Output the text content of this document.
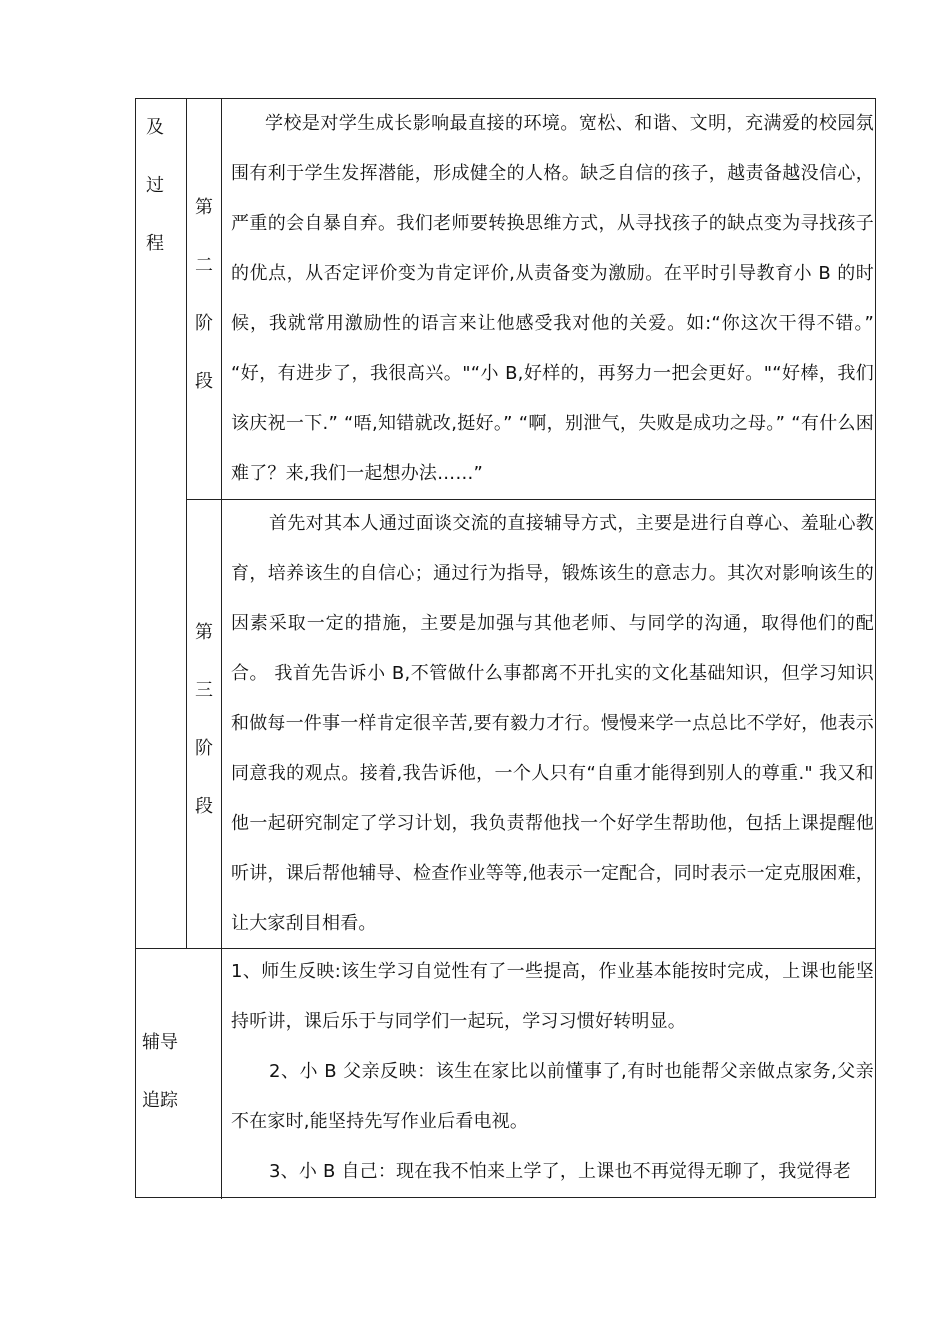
及
过
程
第
二
阶
段

学校是对学生成长影响最直接的环境。宽松、和谐、文明，充满爱的校园氛围有利于学生发挥潜能，形成健全的人格。缺乏自信的孩子，越责备越没信心，严重的会自暴自弃。我们老师要转换思维方式，从寻找孩子的缺点变为寻找孩子的优点，从否定评价变为肯定评价,从责备变为激励。在平时引导教育小 B 的时候，我就常用激励性的语言来让他感受我对他的关爱。如:“你这次干得不错。” “好，有进步了，我很高兴。"“小 B,好样的，再努力一把会更好。"“好棒，我们该庆祝一下.” “唔,知错就改,挺好。” “啊，别泄气，失败是成功之母。” “有什么困难了？来,我们一起想办法……”

第
三
阶
段

首先对其本人通过面谈交流的直接辅导方式，主要是进行自尊心、羞耻心教育，培养该生的自信心；通过行为指导，锻炼该生的意志力。其次对影响该生的因素采取一定的措施，主要是加强与其他老师、与同学的沟通，取得他们的配合。 我首先告诉小 B,不管做什么事都离不开扎实的文化基础知识，但学习知识和做每一件事一样肯定很辛苦,要有毅力才行。慢慢来学一点总比不学好，他表示同意我的观点。接着,我告诉他，一个人只有“自重才能得到别人的尊重." 我又和他一起研究制定了学习计划，我负责帮他找一个好学生帮助他，包括上课提醒他听讲，课后帮他辅导、检查作业等等,他表示一定配合，同时表示一定克服困难，让大家刮目相看。

辅导
追踪

1、师生反映:该生学习自觉性有了一些提高，作业基本能按时完成，上课也能坚持听讲，课后乐于与同学们一起玩，学习习惯好转明显。

2、小 B 父亲反映：该生在家比以前懂事了,有时也能帮父亲做点家务,父亲不在家时,能坚持先写作业后看电视。

3、小 B 自己：现在我不怕来上学了，上课也不再觉得无聊了，我觉得老
